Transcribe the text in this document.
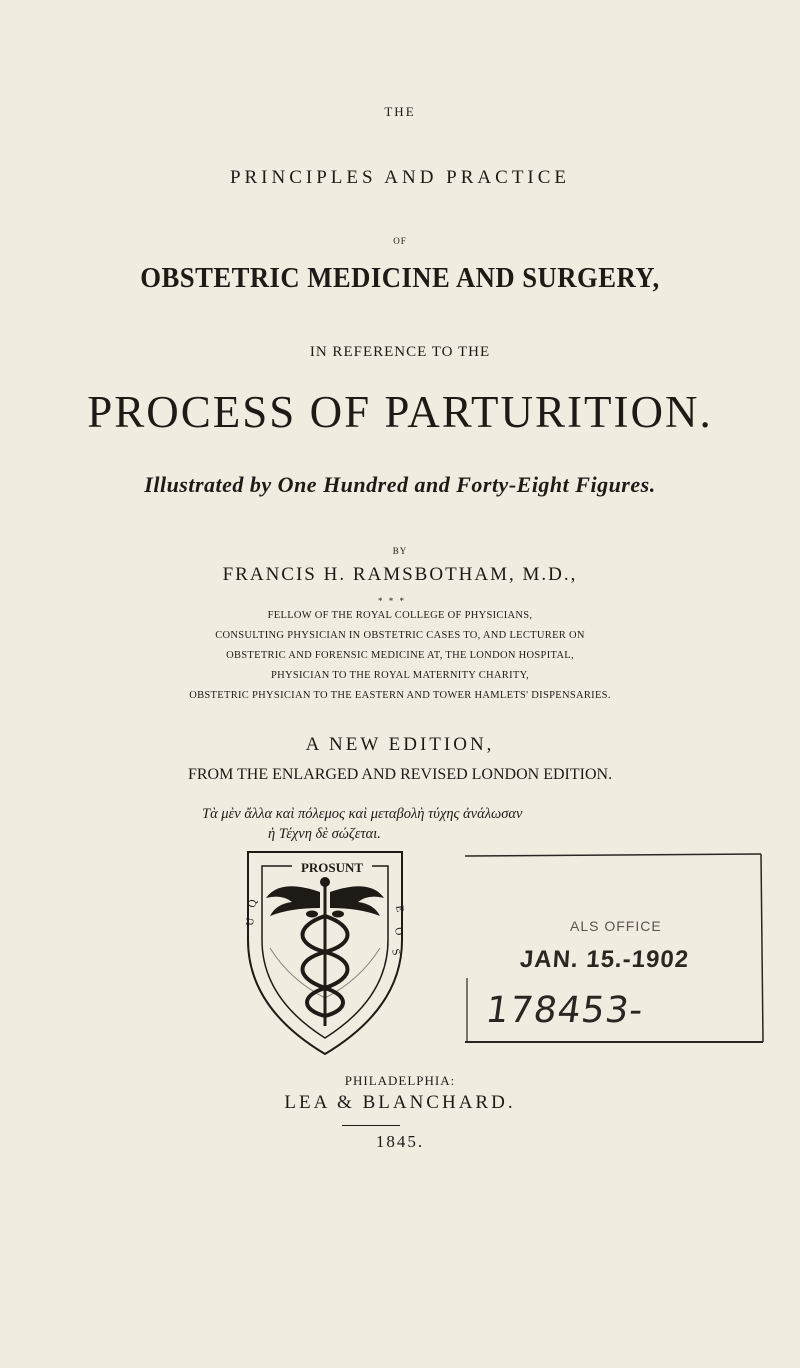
THE
PRINCIPLES AND PRACTICE
OF
OBSTETRIC MEDICINE AND SURGERY,
IN REFERENCE TO THE
PROCESS OF PARTURITION.
Illustrated by One Hundred and Forty-Eight Figures.
BY
FRANCIS H. RAMSBOTHAM, M.D.,
* * *
FELLOW OF THE ROYAL COLLEGE OF PHYSICIANS,
CONSULTING PHYSICIAN IN OBSTETRIC CASES TO, AND LECTURER ON
OBSTETRIC AND FORENSIC MEDICINE AT, THE LONDON HOSPITAL,
PHYSICIAN TO THE ROYAL MATERNITY CHARITY,
OBSTETRIC PHYSICIAN TO THE EASTERN AND TOWER HAMLETS' DISPENSARIES.
A NEW EDITION,
FROM THE ENLARGED AND REVISED LONDON EDITION.
Τὰ μὲν ἄλλα καὶ πόλεμος καὶ μεταβολὴ τύχης ἀνάλωσαν
ἡ Τέχνη δὲ σώζεται.
PROSUNT
Q
U
E
O
S
ALS OFFICE
JAN. 15.-1902
178453-
PHILADELPHIA:
LEA & BLANCHARD.
1845.
